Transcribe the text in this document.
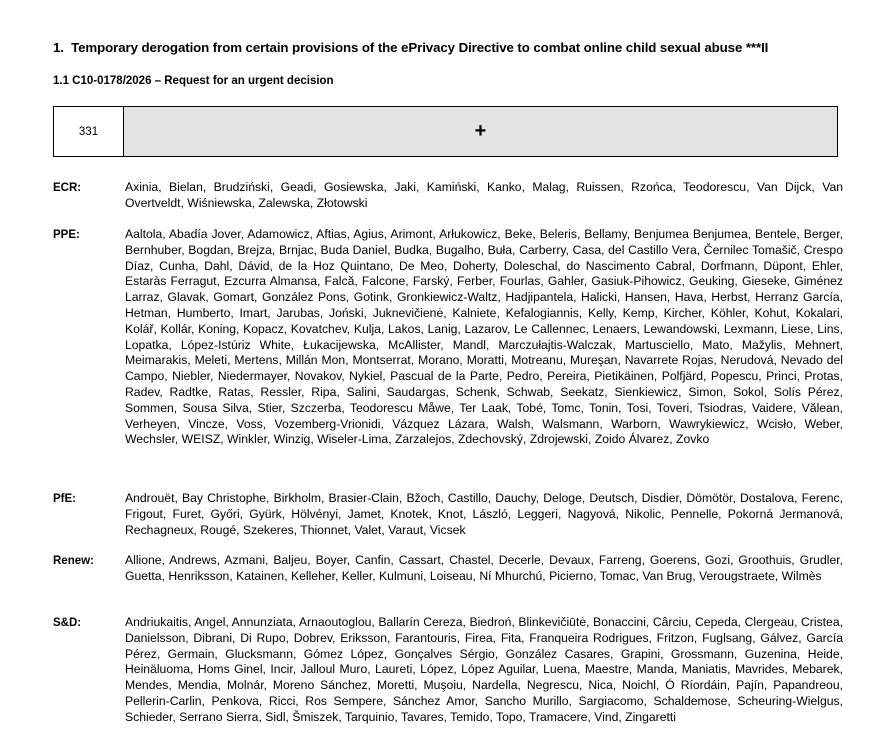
1.  Temporary derogation from certain provisions of the ePrivacy Directive to combat online child sexual abuse ***II
1.1 C10-0178/2026 – Request for an urgent decision
331	+
ECR:	Axinia, Bielan, Brudziński, Geadi, Gosiewska, Jaki, Kamiński, Kanko, Malag, Ruissen, Rzońca, Teodorescu, Van Dijck, Van Overtveldt, Wiśniewska, Zalewska, Złotowski
PPE:	Aaltola, Abadía Jover, Adamowicz, Aftias, Agius, Arimont, Arłukowicz, Beke, Beleris, Bellamy, Benjumea Benjumea, Bentele, Berger, Bernhuber, Bogdan, Brejza, Brnjac, Buda Daniel, Budka, Bugalho, Buła, Carberry, Casa, del Castillo Vera, Černilec Tomašič, Crespo Díaz, Cunha, Dahl, Dávid, de la Hoz Quintano, De Meo, Doherty, Doleschal, do Nascimento Cabral, Dorfmann, Düpont, Ehler, Estaràs Ferragut, Ezcurra Almansa, Falcă, Falcone, Farský, Ferber, Fourlas, Gahler, Gasiuk-Pihowicz, Geuking, Gieseke, Giménez Larraz, Glavak, Gomart, González Pons, Gotink, Gronkiewicz-Waltz, Hadjipantela, Halicki, Hansen, Hava, Herbst, Herranz García, Hetman, Humberto, Imart, Jarubas, Joński, Juknevičienė, Kalniete, Kefalogiannis, Kelly, Kemp, Kircher, Köhler, Kohut, Kokalari, Kolář, Kollár, Koning, Kopacz, Kovatchev, Kulja, Lakos, Lanig, Lazarov, Le Callennec, Lenaers, Lewandowski, Lexmann, Liese, Lins, Lopatka, López-Istúriz White, Łukacijewska, McAllister, Mandl, Marczułajtis-Walczak, Martusciello, Mato, Mažylis, Mehnert, Meimarakis, Meleti, Mertens, Millán Mon, Montserrat, Morano, Moratti, Motreanu, Mureşan, Navarrete Rojas, Nerudová, Nevado del Campo, Niebler, Niedermayer, Novakov, Nykiel, Pascual de la Parte, Pedro, Pereira, Pietikäinen, Polfjärd, Popescu, Princi, Protas, Radev, Radtke, Ratas, Ressler, Ripa, Salini, Saudargas, Schenk, Schwab, Seekatz, Sienkiewicz, Simon, Sokol, Solís Pérez, Sommen, Sousa Silva, Stier, Szczerba, Teodorescu Måwe, Ter Laak, Tobé, Tomc, Tonin, Tosi, Toveri, Tsiodras, Vaidere, Vălean, Verheyen, Vincze, Voss, Vozemberg-Vrionidi, Vázquez Lázara, Walsh, Walsmann, Warborn, Wawrykiewicz, Wcisło, Weber, Wechsler, WEISZ, Winkler, Winzig, Wiseler-Lima, Zarzalejos, Zdechovský, Zdrojewski, Zoido Álvarez, Zovko
PfE:	Androuët, Bay Christophe, Birkholm, Brasier-Clain, Bžoch, Castillo, Dauchy, Deloge, Deutsch, Disdier, Dömötör, Dostalova, Ferenc, Frigout, Furet, Győri, Gyürk, Hölvényi, Jamet, Knotek, Knot, László, Leggeri, Nagyová, Nikolic, Pennelle, Pokorná Jermanová, Rechagneux, Rougé, Szekeres, Thionnet, Valet, Varaut, Vicsek
Renew:	Allione, Andrews, Azmani, Baljeu, Boyer, Canfin, Cassart, Chastel, Decerle, Devaux, Farreng, Goerens, Gozi, Groothuis, Grudler, Guetta, Henriksson, Katainen, Kelleher, Keller, Kulmuni, Loiseau, Ní Mhurchú, Picierno, Tomac, Van Brug, Verougstraete, Wilmès
S&D:	Andriukaitis, Angel, Annunziata, Arnaoutoglou, Ballarín Cereza, Biedroń, Blinkevičiūtė, Bonaccini, Cârciu, Cepeda, Clergeau, Cristea, Danielsson, Dibrani, Di Rupo, Dobrev, Eriksson, Farantouris, Firea, Fita, Franqueira Rodrigues, Fritzon, Fuglsang, Gálvez, García Pérez, Germain, Glucksmann, Gómez López, Gonçalves Sérgio, González Casares, Grapini, Grossmann, Guzenina, Heide, Heinäluoma, Homs Ginel, Incir, Jalloul Muro, Laureti, López, López Aguilar, Luena, Maestre, Manda, Maniatis, Mavrides, Mebarek, Mendes, Mendia, Molnár, Moreno Sánchez, Moretti, Muşoiu, Nardella, Negrescu, Nica, Noichl, Ó Ríordáin, Pajín, Papandreou, Pellerin-Carlin, Penkova, Ricci, Ros Sempere, Sánchez Amor, Sancho Murillo, Sargiacomo, Schaldemose, Scheuring-Wielgus, Schieder, Serrano Sierra, Sidl, Šmiszek, Tarquinio, Tavares, Temido, Topo, Tramacere, Vind, Zingaretti
